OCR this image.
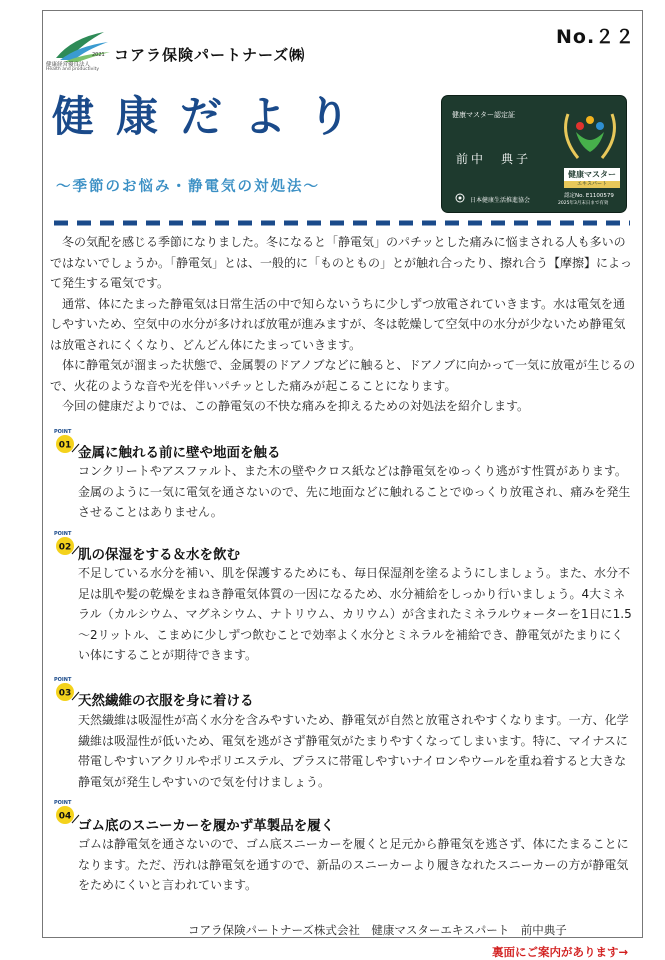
2021
健康経営優良法人
Health and productivity
コアラ保険パートナーズ㈱
No.２２
健康だより
～季節のお悩み・静電気の対処法～
健康マスター認定証
前中　典子
健康マスター
エキスパート
認定No. E1100579
2025年3月末日まで有効
日本健康生活推進協会
冬の気配を感じる季節になりました。冬になると「静電気」のパチッとした痛みに悩まされる人も多いのではないでしょうか。「静電気」とは、一般的に「ものともの」とが触れ合ったり、擦れ合う【摩擦】によって発生する電気です。
通常、体にたまった静電気は日常生活の中で知らないうちに少しずつ放電されていきます。水は電気を通しやすいため、空気中の水分が多ければ放電が進みますが、冬は乾燥して空気中の水分が少ないため静電気は放電されにくくなり、どんどん体にたまっていきます。
体に静電気が溜まった状態で、金属製のドアノブなどに触ると、ドアノブに向かって一気に放電が生じるので、火花のような音や光を伴いパチッとした痛みが起こることになります。
今回の健康だよりでは、この静電気の不快な痛みを抑えるための対処法を紹介します。
POINT
01 金属に触れる前に壁や地面を触る
コンクリートやアスファルト、また木の壁やクロス紙などは静電気をゆっくり逃がす性質があります。金属のように一気に電気を通さないので、先に地面などに触れることでゆっくり放電され、痛みを発生させることはありません。
POINT
02 肌の保湿をする＆水を飲む
不足している水分を補い、肌を保護するためにも、毎日保湿剤を塗るようにしましょう。また、水分不足は肌や髪の乾燥をまねき静電気体質の一因になるため、水分補給をしっかり行いましょう。4大ミネラル（カルシウム、マグネシウム、ナトリウム、カリウム）が含まれたミネラルウォーターを1日に1.5～2リットル、こまめに少しずつ飲むことで効率よく水分とミネラルを補給でき、静電気がたまりにくい体にすることが期待できます。
POINT
03 天然繊維の衣服を身に着ける
天然繊維は吸湿性が高く水分を含みやすいため、静電気が自然と放電されやすくなります。一方、化学繊維は吸湿性が低いため、電気を逃がさず静電気がたまりやすくなってしまいます。特に、マイナスに帯電しやすいアクリルやポリエステル、プラスに帯電しやすいナイロンやウールを重ね着すると大きな静電気が発生しやすいので気を付けましょう。
POINT
04
ゴム底のスニーカーを履かず革製品を履く
ゴムは静電気を通さないので、ゴム底スニーカーを履くと足元から静電気を逃さず、体にたまることになります。ただ、汚れは静電気を通すので、新品のスニーカーより履きなれたスニーカーの方が静電気をためにくいと言われています。
コアラ保険パートナーズ株式会社　健康マスターエキスパート　前中典子
裏面にご案内があります→
